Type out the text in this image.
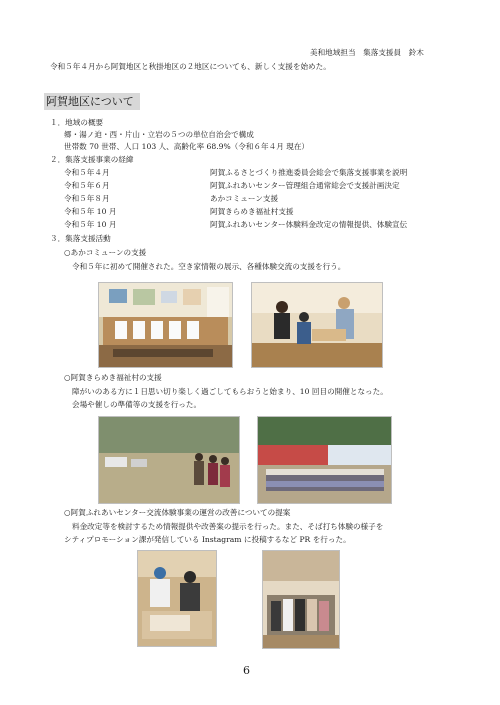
美和地域担当　集落支援員　鈴木
令和５年４月から阿賀地区と秋掛地区の２地区についても、新しく支援を始めた。
阿賀地区について
１．地域の概要
郷・湯ノ迫・西・片山・立岩の５つの単位自治会で構成
世帯数 70 世帯、人口 103 人、高齢化率 68.9%（令和６年４月 現在）
２．集落支援事業の経緯
令和５年４月	阿賀ふるさとづくり推進委員会総会で集落支援事業を説明
令和５年６月	阿賀ふれあいセンター管理組合通常総会で支援計画決定
令和５年８月	あかコミューン支援
令和５年 10 月	阿賀きらめき福祉村支援
令和５年 10 月	阿賀ふれあいセンター体験料金改定の情報提供、体験宣伝
３．集落支援活動
○あかコミューンの支援
令和５年に初めて開催された。空き家情報の展示、各種体験交流の支援を行う。
○阿賀きらめき福祉村の支援
障がいのある方に１日思い切り楽しく過ごしてもらおうと始まり、10 回目の開催となった。
会場や催しの準備等の支援を行った。
○阿賀ふれあいセンター交流体験事業の運営の改善についての提案
料金改定等を検討するため情報提供や改善案の提示を行った。また、そば打ち体験の様子を
シティプロモーション課が発信している Instagram に投稿するなど PR を行った。
6
